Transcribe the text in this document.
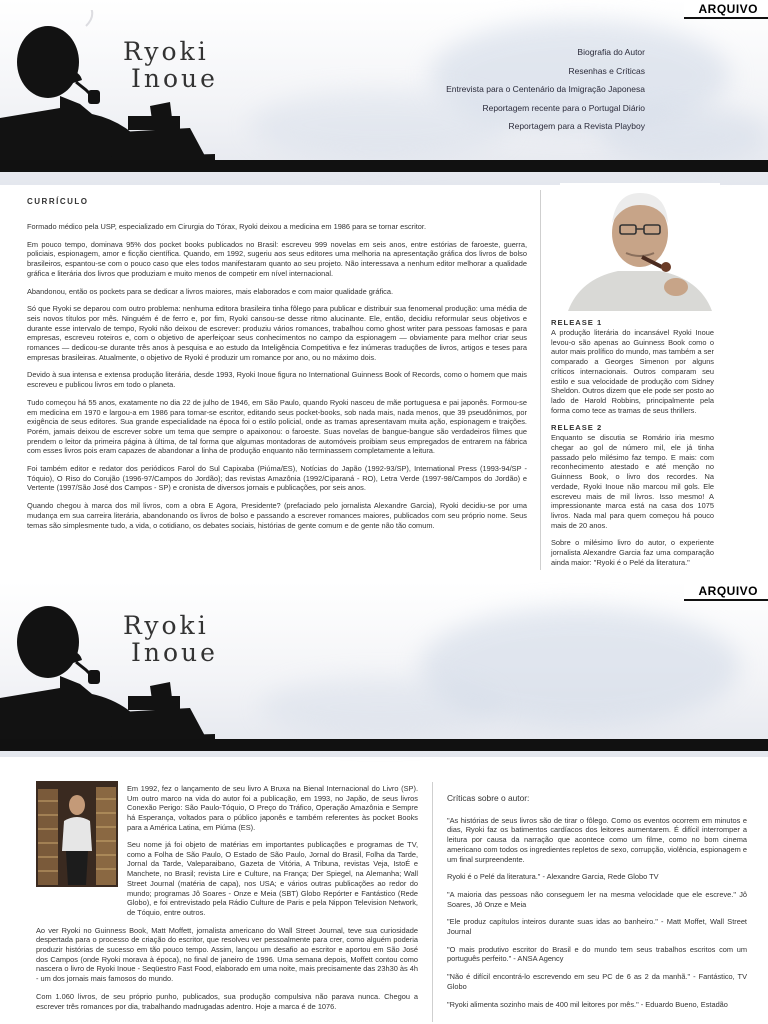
ARQUIVO
Ryoki
Inoue
Biografia do Autor
Resenhas e Críticas
Entrevista para o Centenário da Imigração Japonesa
Reportagem recente para o Portugal Diário
Reportagem para a Revista Playboy
CURRÍCULO

Formado médico pela USP, especializado em Cirurgia do Tórax, Ryoki deixou a medicina em 1986 para se tornar escritor.

Em pouco tempo, dominava 95% dos pocket books publicados no Brasil: escreveu 999 novelas em seis anos, entre estórias de faroeste, guerra, policiais, espionagem, amor e ficção científica. Quando, em 1992, sugeriu aos seus editores uma melhoria na apresentação gráfica dos livros de bolso brasileiros, espantou-se com o pouco caso que eles todos manifestaram quanto ao seu projeto. Não interessava a nenhum editor melhorar a qualidade gráfica e literária dos livros que produziam e muito menos de competir em nível internacional.

Abandonou, então os pockets para se dedicar a livros maiores, mais elaborados e com maior qualidade gráfica.

Só que Ryoki se deparou com outro problema: nenhuma editora brasileira tinha fôlego para publicar e distribuir sua fenomenal produção: uma média de seis novos títulos por mês. Ninguém é de ferro e, por fim, Ryoki cansou-se desse ritmo alucinante. Ele, então, decidiu reformular seus objetivos e durante esse intervalo de tempo, Ryoki não deixou de escrever: produziu vários romances, trabalhou como ghost writer para pessoas famosas e para empresas, escreveu roteiros e, com o objetivo de aperfeiçoar seus conhecimentos no campo da espionagem — obviamente para melhor criar seus romances — dedicou-se durante três anos à pesquisa e ao estudo da Inteligência Competitiva e fez inúmeras traduções de livros, artigos e teses para empresas brasileiras. Atualmente, o objetivo de Ryoki é produzir um romance por ano, ou no máximo dois.

Devido à sua intensa e extensa produção literária, desde 1993, Ryoki Inoue figura no International Guinness Book of Records, como o homem que mais escreveu e publicou livros em todo o planeta.

Tudo começou há 55 anos, exatamente no dia 22 de julho de 1946, em São Paulo, quando Ryoki nasceu de mãe portuguesa e pai japonês. Formou-se em medicina em 1970 e largou-a em 1986 para tornar-se escritor, editando seus pocket-books, sob nada mais, nada menos, que 39 pseudônimos, por exigência de seus editores. Sua grande especialidade na época foi o estilo policial, onde as tramas apresentavam muita ação, espionagem e traições. Porém, jamais deixou de escrever sobre um tema que sempre o apaixonou: o faroeste. Suas novelas de bangue-bangue são verdadeiros filmes que prendem o leitor da primeira página à última, de tal forma que algumas montadoras de automóveis proibiam seus empregados de entrarem na fábrica com esses livros pois eram capazes de abandonar a linha de produção enquanto não terminassem completamente a leitura.

Foi também editor e redator dos periódicos Farol do Sul Capixaba (Piúma/ES), Notícias do Japão (1992-93/SP), International Press (1993-94/SP - Tóquio), O Riso do Corujão (1996-97/Campos do Jordão); das revistas Amazônia (1992/Ciparaná - RO), Letra Verde (1997-98/Campos do Jordão) e Vertente (1997/São José dos Campos - SP) e cronista de diversos jornais e publicações, por seis anos.

Quando chegou à marca dos mil livros, com a obra E Agora, Presidente? (prefaciado pelo jornalista Alexandre Garcia), Ryoki decidiu-se por uma mudança em sua carreira literária, abandonando os livros de bolso e passando a escrever romances maiores, publicados com seu próprio nome. Seus temas são simplesmente tudo, a vida, o cotidiano, os debates sociais, histórias de gente comum e de gente não tão comum.

RELEASE 1

A produção literária do incansável Ryoki Inoue levou-o são apenas ao Guinness Book como o autor mais prolífico do mundo, mas também a ser comparado a Georges Simenon por alguns críticos internacionais. Outros comparam seu estilo e sua velocidade de produção com Sidney Sheldon. Outros dizem que ele pode ser posto ao lado de Harold Robbins, principalmente pela forma como tece as tramas de seus thrillers.

RELEASE 2

Enquanto se discutia se Romário iria mesmo chegar ao gol de número mil, ele já tinha passado pelo milésimo faz tempo. E mais: com reconhecimento atestado e até menção no Guinness Book, o livro dos recordes. Na verdade, Ryoki Inoue não marcou mil gols. Ele escreveu mais de mil livros. Isso mesmo! A impressionante marca está na casa dos 1075 livros. Nada mal para quem começou há pouco mais de 20 anos.

Sobre o milésimo livro do autor, o experiente jornalista Alexandre Garcia faz uma comparação ainda maior: "Ryoki é o Pelé da literatura."

ARQUIVO
Ryoki
Inoue

Em 1992, fez o lançamento de seu livro A Bruxa na Bienal Internacional do Livro (SP). Um outro marco na vida do autor foi a publicação, em 1993, no Japão, de seus livros Conexão Perigo: São Paulo-Tóquio, O Preço do Tráfico, Operação Amazônia e Sempre há Esperança, voltados para o público japonês e também referentes às pocket Books para a América Latina, em Piúma (ES).

Seu nome já foi objeto de matérias em importantes publicações e programas de TV, como a Folha de São Paulo, O Estado de São Paulo, Jornal do Brasil, Folha da Tarde, Jornal da Tarde, Valeparaibano, Gazeta de Vitória, A Tribuna, revistas Veja, IstoÉ e Manchete, no Brasil; revista Lire e Culture, na França; Der Spiegel, na Alemanha; Wall Street Journal (matéria de capa), nos USA; e vários outras publicações ao redor do mundo; programas Jô Soares - Onze e Meia (SBT) Globo Repórter e Fantástico (Rede Globo), e foi entrevistado pela Rádio Culture de Paris e pela Nippon Television Network, de Tóquio, entre outros.

Ao ver Ryoki no Guinness Book, Matt Moffett, jornalista americano do Wall Street Journal, teve sua curiosidade despertada para o processo de criação do escritor, que resolveu ver pessoalmente para crer, como alguém poderia produzir histórias de sucesso em tão pouco tempo. Assim, lançou um desafio ao escritor e aportou em São José dos Campos (onde Ryoki morava à época), no final de janeiro de 1996. Uma semana depois, Moffett contou como nascera o livro de Ryoki Inoue - Seqüestro Fast Food, elaborado em uma noite, mais precisamente das 23h30 às 4h - um dos jornais mais famosos do mundo.

Com 1.060 livros, de seu próprio punho, publicados, sua produção compulsiva não parava nunca. Chegou a escrever três romances por dia, trabalhando madrugadas adentro. Hoje a marca é de 1076.

Críticas sobre o autor:

"As histórias de seus livros são de tirar o fôlego. Como os eventos ocorrem em minutos e dias, Ryoki faz os batimentos cardíacos dos leitores aumentarem. É difícil interromper a leitura por causa da narração que acontece como um filme, como no bom cinema americano com todos os ingredientes repletos de sexo, corrupção, violência, espionagem e um final surpreendente.

Ryoki é o Pelé da literatura." - Alexandre Garcia, Rede Globo TV

"A maioria das pessoas não conseguem ler na mesma velocidade que ele escreve." Jô Soares, Jô Onze e Meia

"Ele produz capítulos inteiros durante suas idas ao banheiro." - Matt Moffet, Wall Street Journal

"O mais produtivo escritor do Brasil e do mundo tem seus trabalhos escritos com um português perfeito." - ANSA Agency

"Não é difícil encontrá-lo escrevendo em seu PC de 6 as 2 da manhã." - Fantástico, TV Globo

"Ryoki alimenta sozinho mais de 400 mil leitores por mês." - Eduardo Bueno, Estadão
